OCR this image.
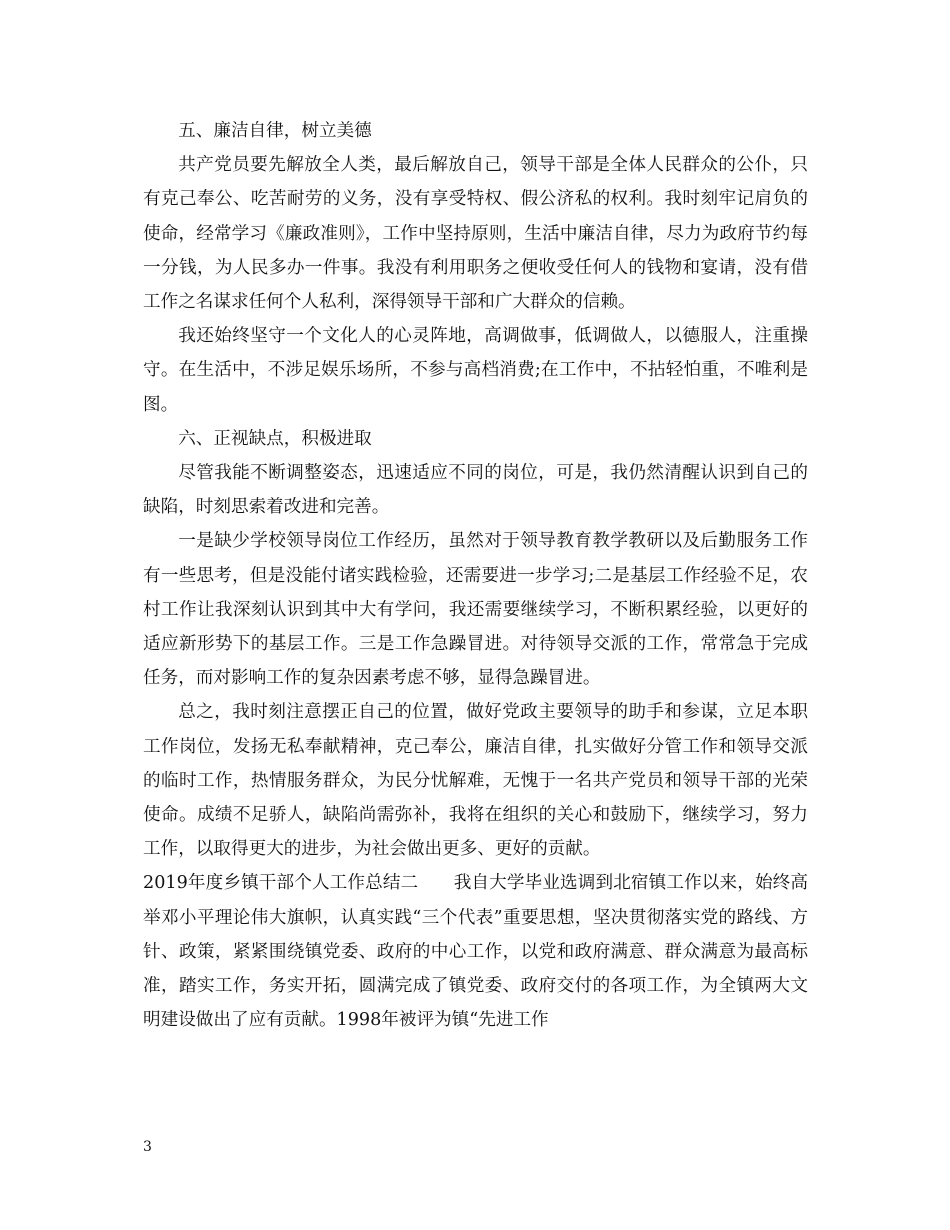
五、廉洁自律，树立美德

共产党员要先解放全人类，最后解放自己，领导干部是全体人民群众的公仆，只有克己奉公、吃苦耐劳的义务，没有享受特权、假公济私的权利。我时刻牢记肩负的使命，经常学习《廉政准则》，工作中坚持原则，生活中廉洁自律，尽力为政府节约每一分钱，为人民多办一件事。我没有利用职务之便收受任何人的钱物和宴请，没有借工作之名谋求任何个人私利，深得领导干部和广大群众的信赖。

我还始终坚守一个文化人的心灵阵地，高调做事，低调做人，以德服人，注重操守。在生活中，不涉足娱乐场所，不参与高档消费;在工作中，不拈轻怕重，不唯利是图。

六、正视缺点，积极进取

尽管我能不断调整姿态，迅速适应不同的岗位，可是，我仍然清醒认识到自己的缺陷，时刻思索着改进和完善。

一是缺少学校领导岗位工作经历，虽然对于领导教育教学教研以及后勤服务工作有一些思考，但是没能付诸实践检验，还需要进一步学习;二是基层工作经验不足，农村工作让我深刻认识到其中大有学问，我还需要继续学习，不断积累经验，以更好的适应新形势下的基层工作。三是工作急躁冒进。对待领导交派的工作，常常急于完成任务，而对影响工作的复杂因素考虑不够，显得急躁冒进。

总之，我时刻注意摆正自己的位置，做好党政主要领导的助手和参谋，立足本职工作岗位，发扬无私奉献精神，克己奉公，廉洁自律，扎实做好分管工作和领导交派的临时工作，热情服务群众，为民分忧解难，无愧于一名共产党员和领导干部的光荣使命。成绩不足骄人，缺陷尚需弥补，我将在组织的关心和鼓励下，继续学习，努力工作，以取得更大的进步，为社会做出更多、更好的贡献。

2019年度乡镇干部个人工作总结二　　我自大学毕业选调到北宿镇工作以来，始终高举邓小平理论伟大旗帜，认真实践“三个代表”重要思想，坚决贯彻落实党的路线、方针、政策，紧紧围绕镇党委、政府的中心工作，以党和政府满意、群众满意为最高标准，踏实工作，务实开拓，圆满完成了镇党委、政府交付的各项工作，为全镇两大文明建设做出了应有贡献。1998年被评为镇“先进工作

3
